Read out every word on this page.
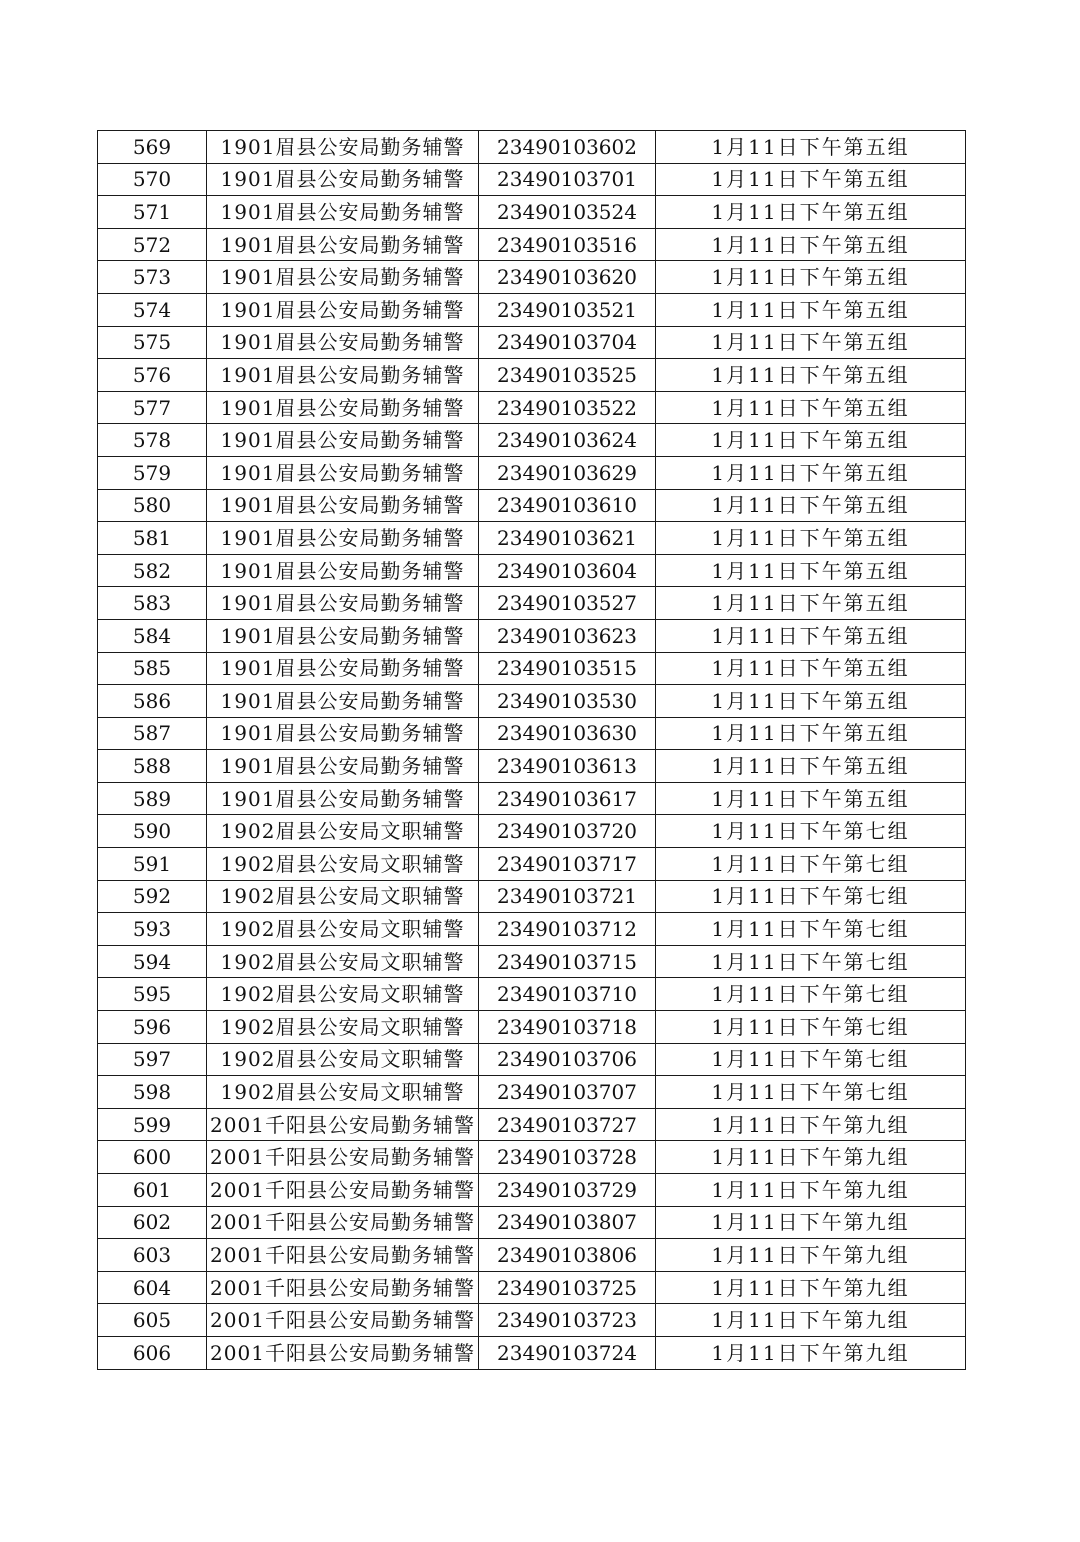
569	1901眉县公安局勤务辅警	23490103602	1月11日下午第五组
570	1901眉县公安局勤务辅警	23490103701	1月11日下午第五组
571	1901眉县公安局勤务辅警	23490103524	1月11日下午第五组
572	1901眉县公安局勤务辅警	23490103516	1月11日下午第五组
573	1901眉县公安局勤务辅警	23490103620	1月11日下午第五组
574	1901眉县公安局勤务辅警	23490103521	1月11日下午第五组
575	1901眉县公安局勤务辅警	23490103704	1月11日下午第五组
576	1901眉县公安局勤务辅警	23490103525	1月11日下午第五组
577	1901眉县公安局勤务辅警	23490103522	1月11日下午第五组
578	1901眉县公安局勤务辅警	23490103624	1月11日下午第五组
579	1901眉县公安局勤务辅警	23490103629	1月11日下午第五组
580	1901眉县公安局勤务辅警	23490103610	1月11日下午第五组
581	1901眉县公安局勤务辅警	23490103621	1月11日下午第五组
582	1901眉县公安局勤务辅警	23490103604	1月11日下午第五组
583	1901眉县公安局勤务辅警	23490103527	1月11日下午第五组
584	1901眉县公安局勤务辅警	23490103623	1月11日下午第五组
585	1901眉县公安局勤务辅警	23490103515	1月11日下午第五组
586	1901眉县公安局勤务辅警	23490103530	1月11日下午第五组
587	1901眉县公安局勤务辅警	23490103630	1月11日下午第五组
588	1901眉县公安局勤务辅警	23490103613	1月11日下午第五组
589	1901眉县公安局勤务辅警	23490103617	1月11日下午第五组
590	1902眉县公安局文职辅警	23490103720	1月11日下午第七组
591	1902眉县公安局文职辅警	23490103717	1月11日下午第七组
592	1902眉县公安局文职辅警	23490103721	1月11日下午第七组
593	1902眉县公安局文职辅警	23490103712	1月11日下午第七组
594	1902眉县公安局文职辅警	23490103715	1月11日下午第七组
595	1902眉县公安局文职辅警	23490103710	1月11日下午第七组
596	1902眉县公安局文职辅警	23490103718	1月11日下午第七组
597	1902眉县公安局文职辅警	23490103706	1月11日下午第七组
598	1902眉县公安局文职辅警	23490103707	1月11日下午第七组
599	2001千阳县公安局勤务辅警	23490103727	1月11日下午第九组
600	2001千阳县公安局勤务辅警	23490103728	1月11日下午第九组
601	2001千阳县公安局勤务辅警	23490103729	1月11日下午第九组
602	2001千阳县公安局勤务辅警	23490103807	1月11日下午第九组
603	2001千阳县公安局勤务辅警	23490103806	1月11日下午第九组
604	2001千阳县公安局勤务辅警	23490103725	1月11日下午第九组
605	2001千阳县公安局勤务辅警	23490103723	1月11日下午第九组
606	2001千阳县公安局勤务辅警	23490103724	1月11日下午第九组
